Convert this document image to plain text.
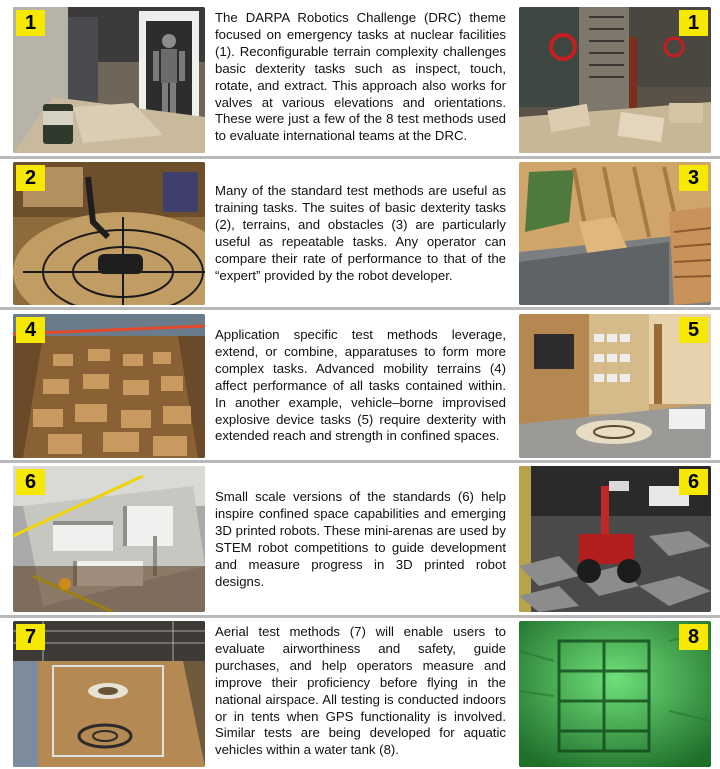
1	The DARPA Robotics Challenge (DRC) theme focused on emergency tasks at nuclear facilities (1). Reconfigurable terrain complexity challenges basic dexterity tasks such as inspect, touch, rotate, and extract. This approach also works for valves at various elevations and orientations. These were just a few of the 8 test methods used to evaluate international teams at the DRC.

1
2

Many of the standard test methods are useful as training tasks. The suites of basic dexterity tasks (2), terrains, and obstacles (3) are particularly useful as repeatable tasks. Any operator can compare their rate of performance to that of the “expert” provided by the robot developer.

3
4	Application specific test methods leverage, extend, or combine, apparatuses to form more complex tasks. Advanced mobility terrains (4) affect performance of all tasks contained within. In another example, vehicle–borne improvised explosive device tasks (5) require dexterity with extended reach and strength in confined spaces.

5
6

Small scale versions of the standards (6) help inspire confined space capabilities and emerging 3D printed robots. These mini-arenas are used by STEM robot competitions to guide development and measure progress in 3D printed robot designs.

6
7	Aerial test methods (7) will enable users to evaluate airworthiness and safety, guide purchases, and help operators measure and improve their proficiency before flying in the national airspace. All testing is conducted indoors or in tents when GPS functionality is involved. Similar tests are being developed for aquatic vehicles within a water tank (8).

8
